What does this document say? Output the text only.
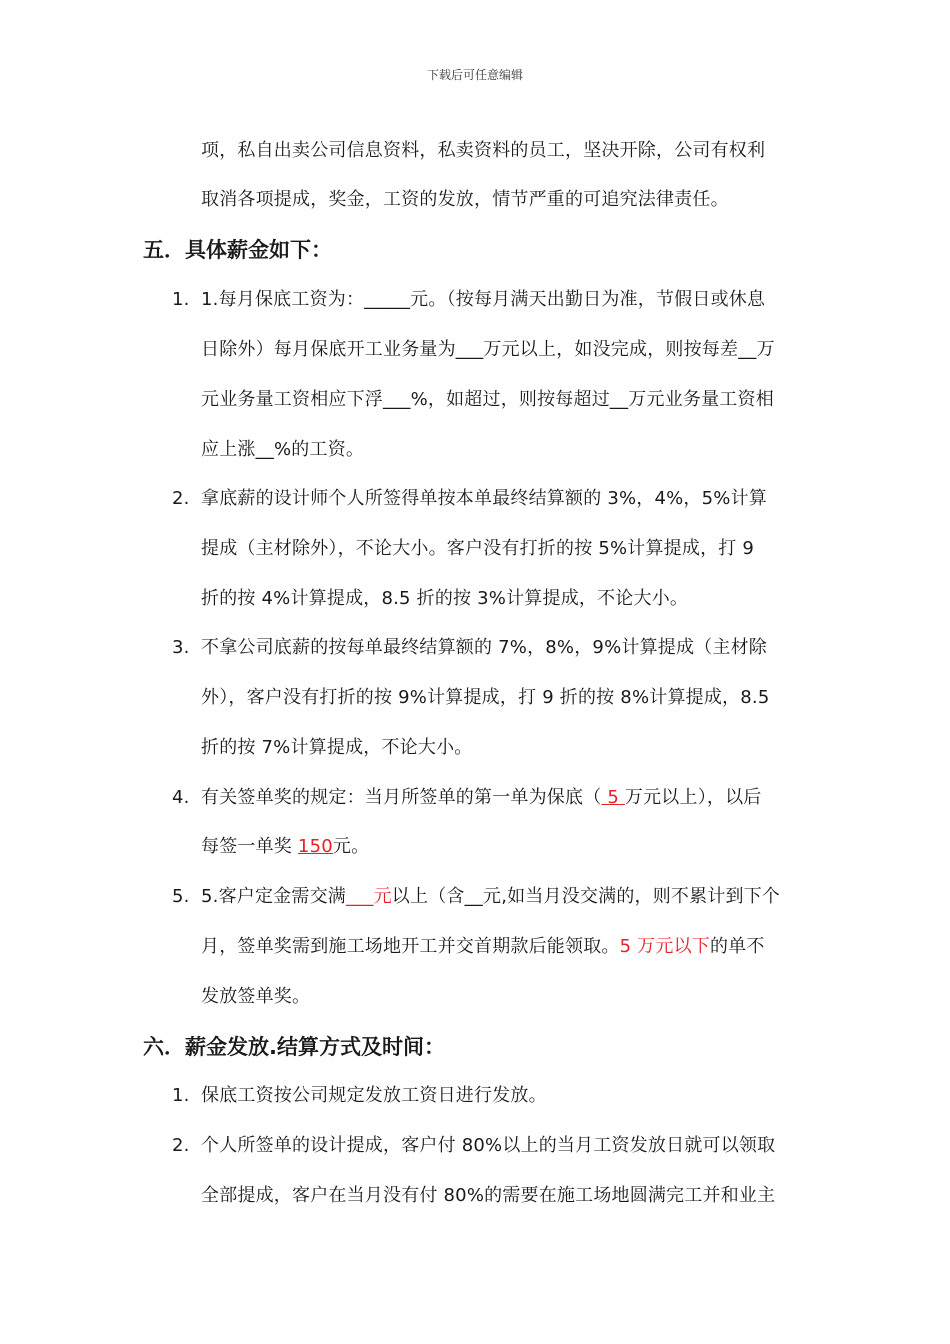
下载后可任意编辑
项，私自出卖公司信息资料，私卖资料的员工，坚决开除，公司有权利
取消各项提成，奖金，工资的发放，情节严重的可追究法律责任。
五．具体薪金如下：
1. 1.每月保底工资为：_____元。（按每月满天出勤日为准，节假日或休息
日除外）每月保底开工业务量为___万元以上，如没完成，则按每差__万
元业务量工资相应下浮___%，如超过，则按每超过__万元业务量工资相
应上涨__%的工资。
2. 拿底薪的设计师个人所签得单按本单最终结算额的 3%，4%，5%计算
提成（主材除外），不论大小。客户没有打折的按 5%计算提成，打 9
折的按 4%计算提成，8.5 折的按 3%计算提成，不论大小。
3. 不拿公司底薪的按每单最终结算额的 7%，8%，9%计算提成（主材除
外），客户没有打折的按 9%计算提成，打 9 折的按 8%计算提成，8.5
折的按 7%计算提成，不论大小。
4. 有关签单奖的规定：当月所签单的第一单为保底（ 5 万元以上），以后
每签一单奖 150元。
5. 5.客户定金需交满___元以上（含__元,如当月没交满的，则不累计到下个
月，签单奖需到施工场地开工并交首期款后能领取。5 万元以下的单不
发放签单奖。
六．薪金发放.结算方式及时间：
1. 保底工资按公司规定发放工资日进行发放。
2. 个人所签单的设计提成，客户付 80%以上的当月工资发放日就可以领取
全部提成，客户在当月没有付 80%的需要在施工场地圆满完工并和业主
